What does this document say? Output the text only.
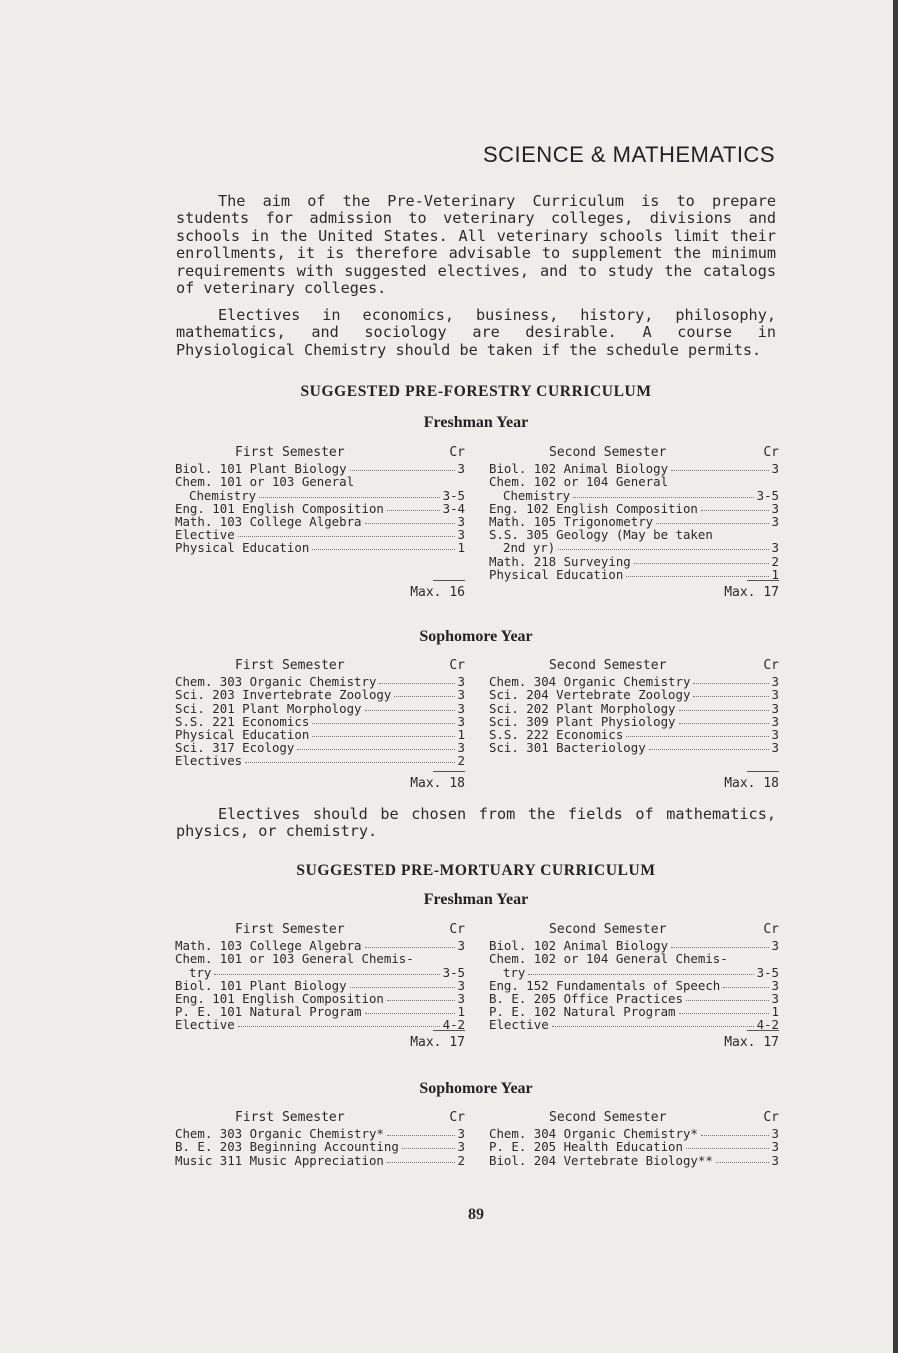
SCIENCE & MATHEMATICS
The aim of the Pre-Veterinary Curriculum is to prepare students for admission to veterinary colleges, divisions and schools in the United States. All veterinary schools limit their enrollments, it is therefore advisable to supplement the minimum requirements with suggested electives, and to study the catalogs of veterinary colleges.
Electives in economics, business, history, philosophy, mathematics, and sociology are desirable. A course in Physiological Chemistry should be taken if the schedule permits.
SUGGESTED PRE-FORESTRY CURRICULUM
Freshman Year
First Semester	Cr
Biol. 101 Plant Biology	3
Chem. 101 or 103 General
Chemistry	3-5
Eng. 101 English Composition	3-4
Math. 103 College Algebra	3
Elective	3
Physical Education	1
Second Semester	Cr
Biol. 102 Animal Biology	3
Chem. 102 or 104 General
Chemistry	3-5
Eng. 102 English Composition	3
Math. 105 Trigonometry	3
S.S. 305 Geology (May be taken
2nd yr)	3
Math. 218 Surveying	2
Physical Education	1
Max. 16	Max. 17
Sophomore Year
First Semester	Cr
Chem. 303 Organic Chemistry	3
Sci. 203 Invertebrate Zoology	3
Sci. 201 Plant Morphology	3
S.S. 221 Economics	3
Physical Education	1
Sci. 317 Ecology	3
Electives	2
Second Semester	Cr
Chem. 304 Organic Chemistry	3
Sci. 204 Vertebrate Zoology	3
Sci. 202 Plant Morphology	3
Sci. 309 Plant Physiology	3
S.S. 222 Economics	3
Sci. 301 Bacteriology	3
Max. 18	Max. 18
Electives should be chosen from the fields of mathematics, physics, or chemistry.
SUGGESTED PRE-MORTUARY CURRICULUM
Freshman Year
First Semester	Cr
Math. 103 College Algebra	3
Chem. 101 or 103 General Chemis-
try	3-5
Biol. 101 Plant Biology	3
Eng. 101 English Composition	3
P. E. 101 Natural Program	1
Elective	4-2
Second Semester	Cr
Biol. 102 Animal Biology	3
Chem. 102 or 104 General Chemis-
try	3-5
Eng. 152 Fundamentals of Speech	3
B. E. 205 Office Practices	3
P. E. 102 Natural Program	1
Elective	4-2
Max. 17	Max. 17
Sophomore Year
First Semester	Cr
Chem. 303 Organic Chemistry*	3
B. E. 203 Beginning Accounting	3
Music 311 Music Appreciation	2
Second Semester	Cr
Chem. 304 Organic Chemistry*	3
P. E. 205 Health Education	3
Biol. 204 Vertebrate Biology**	3
89
